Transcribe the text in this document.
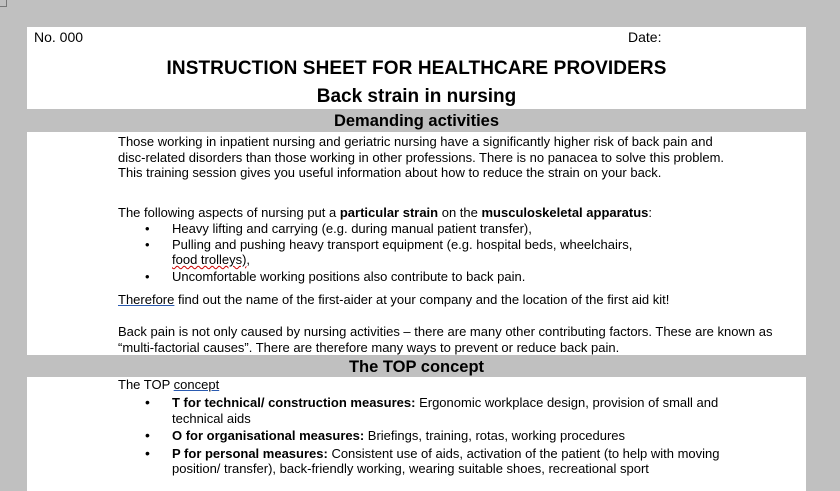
No. 000	Date:
INSTRUCTION SHEET FOR HEALTHCARE PROVIDERS
Back strain in nursing
Demanding activities

Those working in inpatient nursing and geriatric nursing have a significantly higher risk of back pain and disc-related disorders than those working in other professions. There is no panacea to solve this problem. This training session gives you useful information about how to reduce the strain on your back.

The following aspects of nursing put a particular strain on the musculoskeletal apparatus:

• Heavy lifting and carrying (e.g. during manual patient transfer),
• Pulling and pushing heavy transport equipment (e.g. hospital beds, wheelchairs,
food trolleys),
• Uncomfortable working positions also contribute to back pain.

Therefore find out the name of the first-aider at your company and the location of the first aid kit!

Back pain is not only caused by nursing activities – there are many other contributing factors. These are known as “multi-factorial causes”. There are therefore many ways to prevent or reduce back pain.

The TOP concept

The TOP concept

• T for technical/ construction measures: Ergonomic workplace design, provision of small and technical aids
• O for organisational measures: Briefings, training, rotas, working procedures
• P for personal measures: Consistent use of aids, activation of the patient (to help with moving position/ transfer), back-friendly working, wearing suitable shoes, recreational sport
